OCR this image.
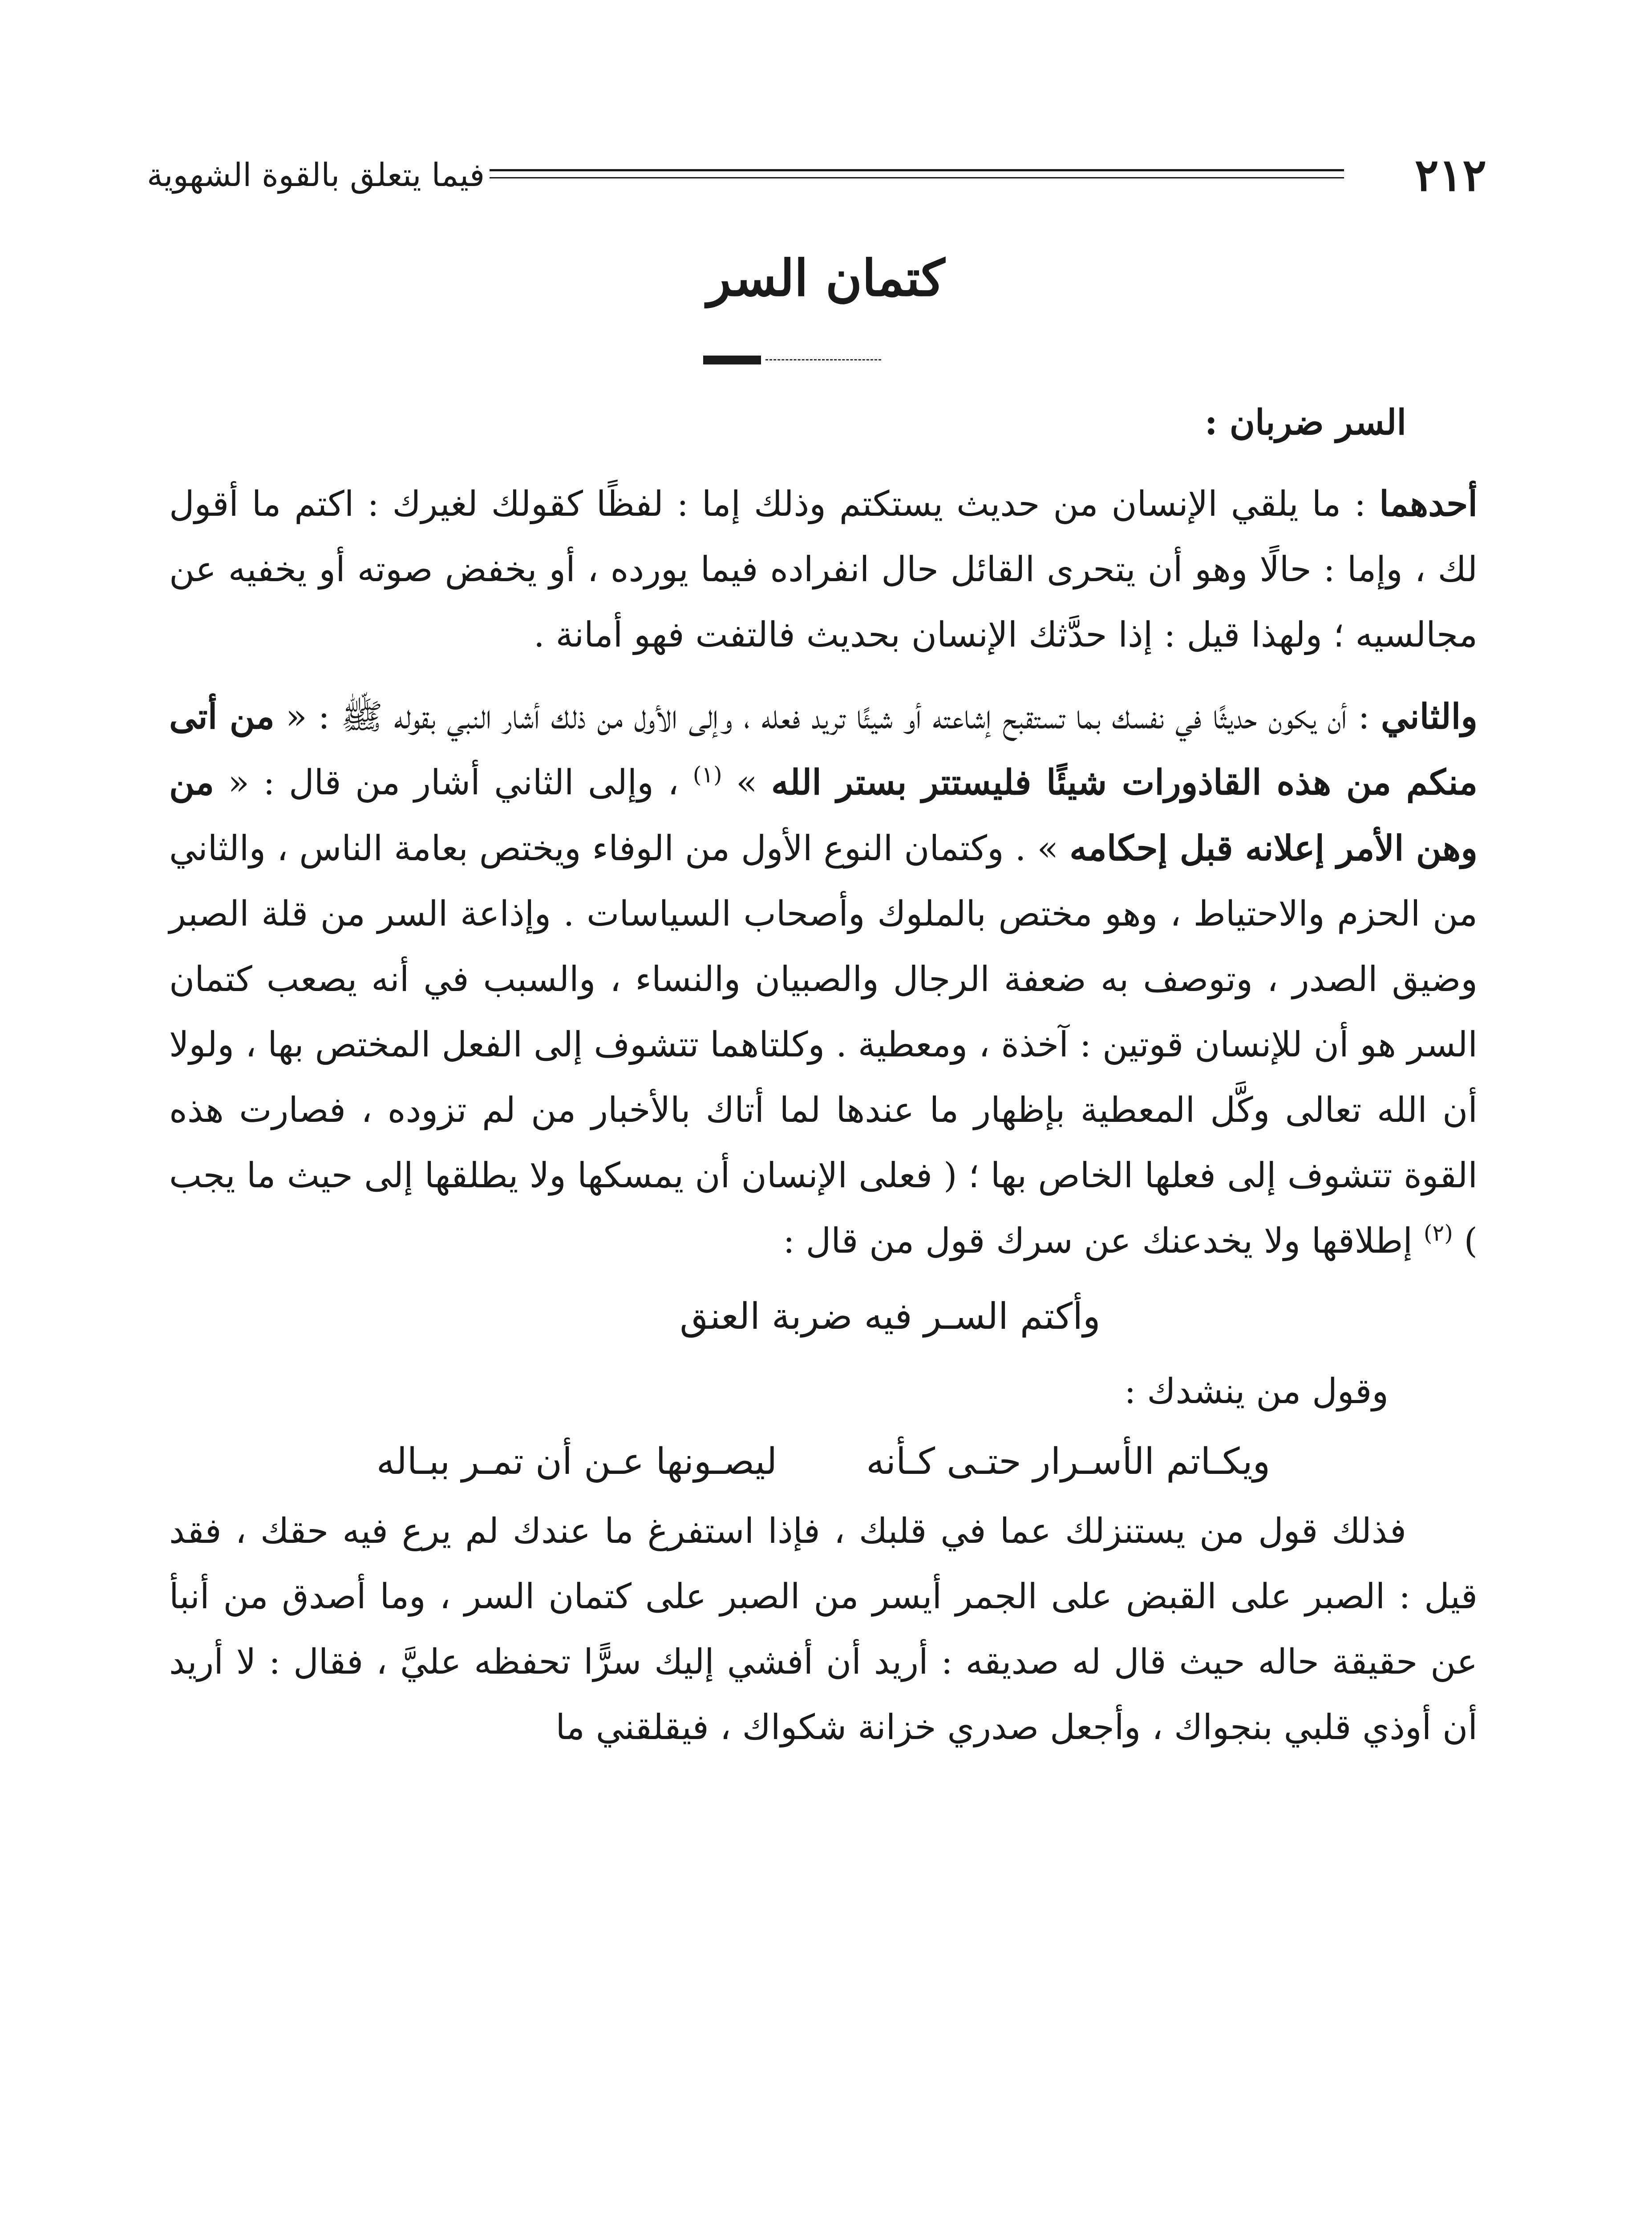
٢١٢
فيما يتعلق بالقوة الشهوية
كتمان السر

السر ضربان :

أحدهما : ما يلقي الإنسان من حديث يستكتم وذلك إما : لفظًا كقولك لغيرك : اكتم ما أقول لك ، وإما : حالًا وهو أن يتحرى القائل حال انفراده فيما يورده ، أو يخفض صوته أو يخفيه عن مجالسيه ؛ ولهذا قيل : إذا حدَّثك الإنسان بحديث فالتفت فهو أمانة .

والثاني : أن يكون حديثًا في نفسك بما تستقبح إشاعته أو شيئًا تريد فعله ، وإلى الأول من ذلك أشار النبي بقوله ﷺ : « من أتى منكم من هذه القاذورات شيئًا فليستتر بستر الله » $^{(١)}$ ، وإلى الثاني أشار من قال : « من وهن الأمر إعلانه قبل إحكامه » . وكتمان النوع الأول من الوفاء ويختص بعامة الناس ، والثاني من الحزم والاحتياط ، وهو مختص بالملوك وأصحاب السياسات . وإذاعة السر من قلة الصبر وضيق الصدر ، وتوصف به ضعفة الرجال والصبيان والنساء ، والسبب في أنه يصعب كتمان السر هو أن للإنسان قوتين : آخذة ، ومعطية . وكلتاهما تتشوف إلى الفعل المختص بها ، ولولا أن الله تعالى وكَّل المعطية بإظهار ما عندها لما أتاك بالأخبار من لم تزوده ، فصارت هذه القوة تتشوف إلى فعلها الخاص بها ؛ ( فعلى الإنسان أن يمسكها ولا يطلقها إلى حيث ما يجب ) $^{(٢)}$ إطلاقها ولا يخدعنك عن سرك قول من قال :

وأكتم السـر فيه ضربة العنق

وقول من ينشدك :

ويكـاتم الأسـرار حتـى كـأنه
ليصـونها عـن أن تمـر ببـاله

فذلك قول من يستنزلك عما في قلبك ، فإذا استفرغ ما عندك لم يرع فيه حقك ، فقد قيل : الصبر على القبض على الجمر أيسر من الصبر على كتمان السر ، وما أصدق من أنبأ عن حقيقة حاله حيث قال له صديقه : أريد أن أفشي إليك سرًّا تحفظه عليَّ ، فقال : لا أريد أن أوذي قلبي بنجواك ، وأجعل صدري خزانة شكواك ، فيقلقني ما
